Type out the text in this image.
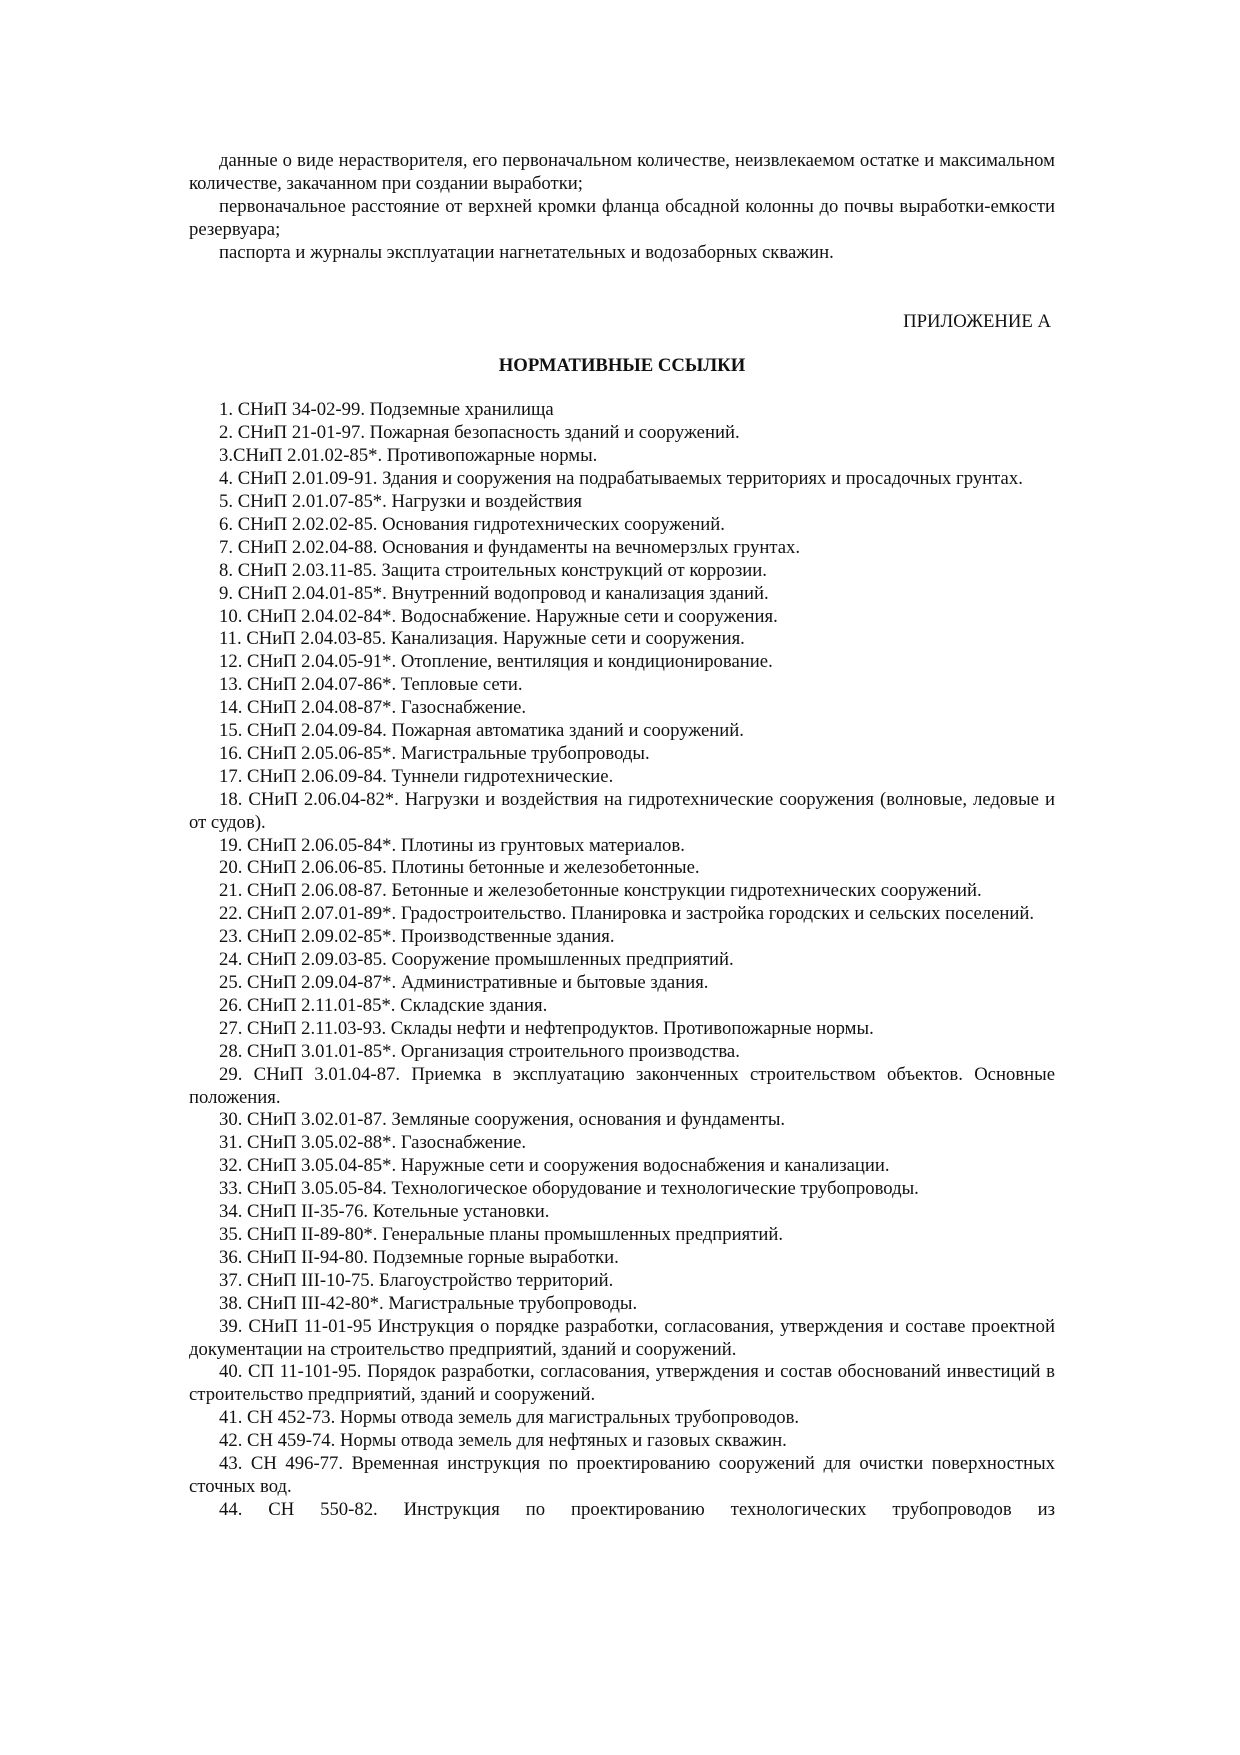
данные о виде нерастворителя, его первоначальном количестве, неизвлекаемом остатке и максимальном количестве, закачанном при создании выработки;

первоначальное расстояние от верхней кромки фланца обсадной колонны до почвы выработки-емкости резервуара;

паспорта и журналы эксплуатации нагнетательных и водозаборных скважин.

ПРИЛОЖЕНИЕ А
НОРМАТИВНЫЕ ССЫЛКИ
1. СНиП 34-02-99. Подземные хранилища
2. СНиП 21-01-97. Пожарная безопасность зданий и сооружений.
3.СНиП 2.01.02-85*. Противопожарные нормы.
4. СНиП 2.01.09-91. Здания и сооружения на подрабатываемых территориях и просадочных грунтах.
5. СНиП 2.01.07-85*. Нагрузки и воздействия
6. СНиП 2.02.02-85. Основания гидротехнических сооружений.
7. СНиП 2.02.04-88. Основания и фундаменты на вечномерзлых грунтах.
8. СНиП 2.03.11-85. Защита строительных конструкций от коррозии.
9. СНиП 2.04.01-85*. Внутренний водопровод и канализация зданий.
10. СНиП 2.04.02-84*. Водоснабжение. Наружные сети и сооружения.
11. СНиП 2.04.03-85. Канализация. Наружные сети и сооружения.
12. СНиП 2.04.05-91*. Отопление, вентиляция и кондиционирование.
13. СНиП 2.04.07-86*. Тепловые сети.
14. СНиП 2.04.08-87*. Газоснабжение.
15. СНиП 2.04.09-84. Пожарная автоматика зданий и сооружений.
16. СНиП 2.05.06-85*. Магистральные трубопроводы.
17. СНиП 2.06.09-84. Туннели гидротехнические.
18. СНиП 2.06.04-82*. Нагрузки и воздействия на гидротехнические сооружения (волновые, ледовые и от судов).
19. СНиП 2.06.05-84*. Плотины из грунтовых материалов.
20. СНиП 2.06.06-85. Плотины бетонные и железобетонные.
21. СНиП 2.06.08-87. Бетонные и железобетонные конструкции гидротехнических сооружений.
22. СНиП 2.07.01-89*. Градостроительство. Планировка и застройка городских и сельских поселений.
23. СНиП 2.09.02-85*. Производственные здания.
24. СНиП 2.09.03-85. Сооружение промышленных предприятий.
25. СНиП 2.09.04-87*. Административные и бытовые здания.
26. СНиП 2.11.01-85*. Складские здания.
27. СНиП 2.11.03-93. Склады нефти и нефтепродуктов. Противопожарные нормы.
28. СНиП 3.01.01-85*. Организация строительного производства.
29. СНиП 3.01.04-87. Приемка в эксплуатацию законченных строительством объектов. Основные положения.
30. СНиП 3.02.01-87. Земляные сооружения, основания и фундаменты.
31. СНиП 3.05.02-88*. Газоснабжение.
32. СНиП 3.05.04-85*. Наружные сети и сооружения водоснабжения и канализации.
33. СНиП 3.05.05-84. Технологическое оборудование и технологические трубопроводы.
34. СНиП II-35-76. Котельные установки.
35. СНиП II-89-80*. Генеральные планы промышленных предприятий.
36. СНиП II-94-80. Подземные горные выработки.
37. СНиП III-10-75. Благоустройство территорий.
38. СНиП III-42-80*. Магистральные трубопроводы.
39. СНиП 11-01-95 Инструкция о порядке разработки, согласования, утверждения и составе проектной документации на строительство предприятий, зданий и сооружений.
40. СП 11-101-95. Порядок разработки, согласования, утверждения и состав обоснований инвестиций в строительство предприятий, зданий и сооружений.
41. СН 452-73. Нормы отвода земель для магистральных трубопроводов.
42. СН 459-74. Нормы отвода земель для нефтяных и газовых скважин.
43. СН 496-77. Временная инструкция по проектированию сооружений для очистки поверхностных сточных вод.
44. СН 550-82. Инструкция по проектированию технологических трубопроводов из
